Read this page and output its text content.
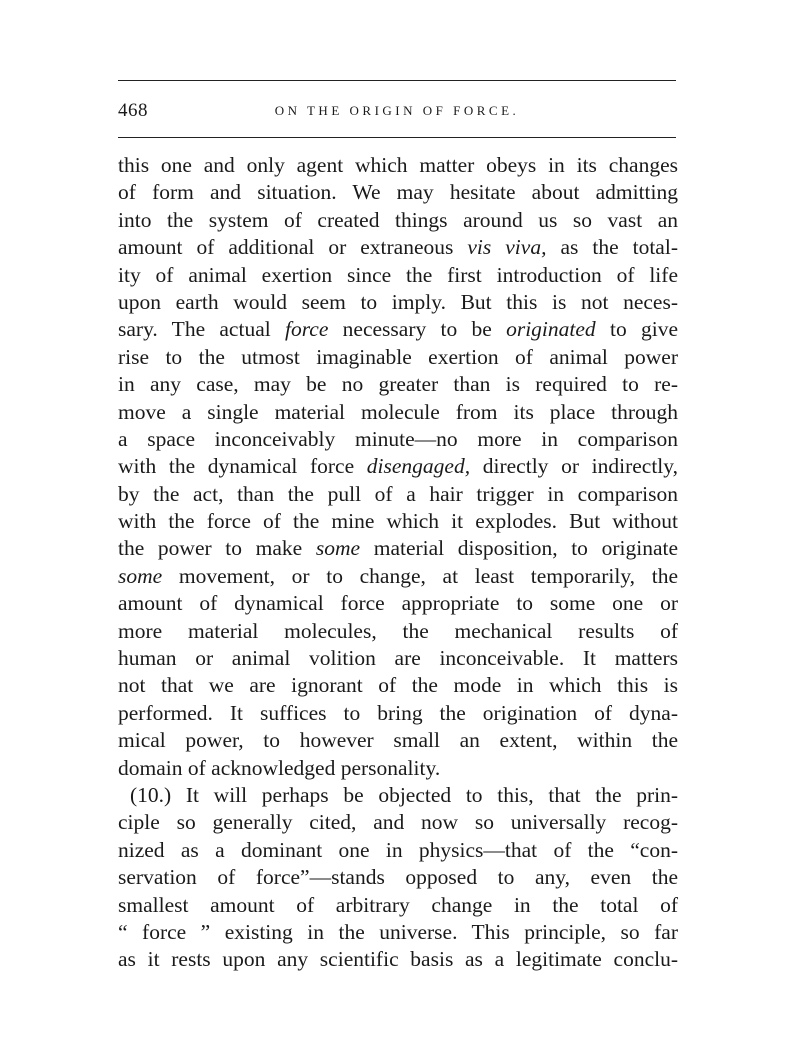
468	ON THE ORIGIN OF FORCE.
this one and only agent which matter obeys in its changes
of form and situation. We may hesitate about admitting
into the system of created things around us so vast an
amount of additional or extraneous vis viva, as the total-
ity of animal exertion since the first introduction of life
upon earth would seem to imply. But this is not neces-
sary. The actual force necessary to be originated to give
rise to the utmost imaginable exertion of animal power
in any case, may be no greater than is required to re-
move a single material molecule from its place through
a space inconceivably minute—no more in comparison
with the dynamical force disengaged, directly or indirectly,
by the act, than the pull of a hair trigger in comparison
with the force of the mine which it explodes. But without
the power to make some material disposition, to originate
some movement, or to change, at least temporarily, the
amount of dynamical force appropriate to some one or
more material molecules, the mechanical results of
human or animal volition are inconceivable. It matters
not that we are ignorant of the mode in which this is
performed. It suffices to bring the origination of dyna-
mical power, to however small an extent, within the
domain of acknowledged personality.
(10.) It will perhaps be objected to this, that the prin-
ciple so generally cited, and now so universally recog-
nized as a dominant one in physics—that of the “con-
servation of force”—stands opposed to any, even the
smallest amount of arbitrary change in the total of
“ force ” existing in the universe. This principle, so far
as it rests upon any scientific basis as a legitimate conclu-
